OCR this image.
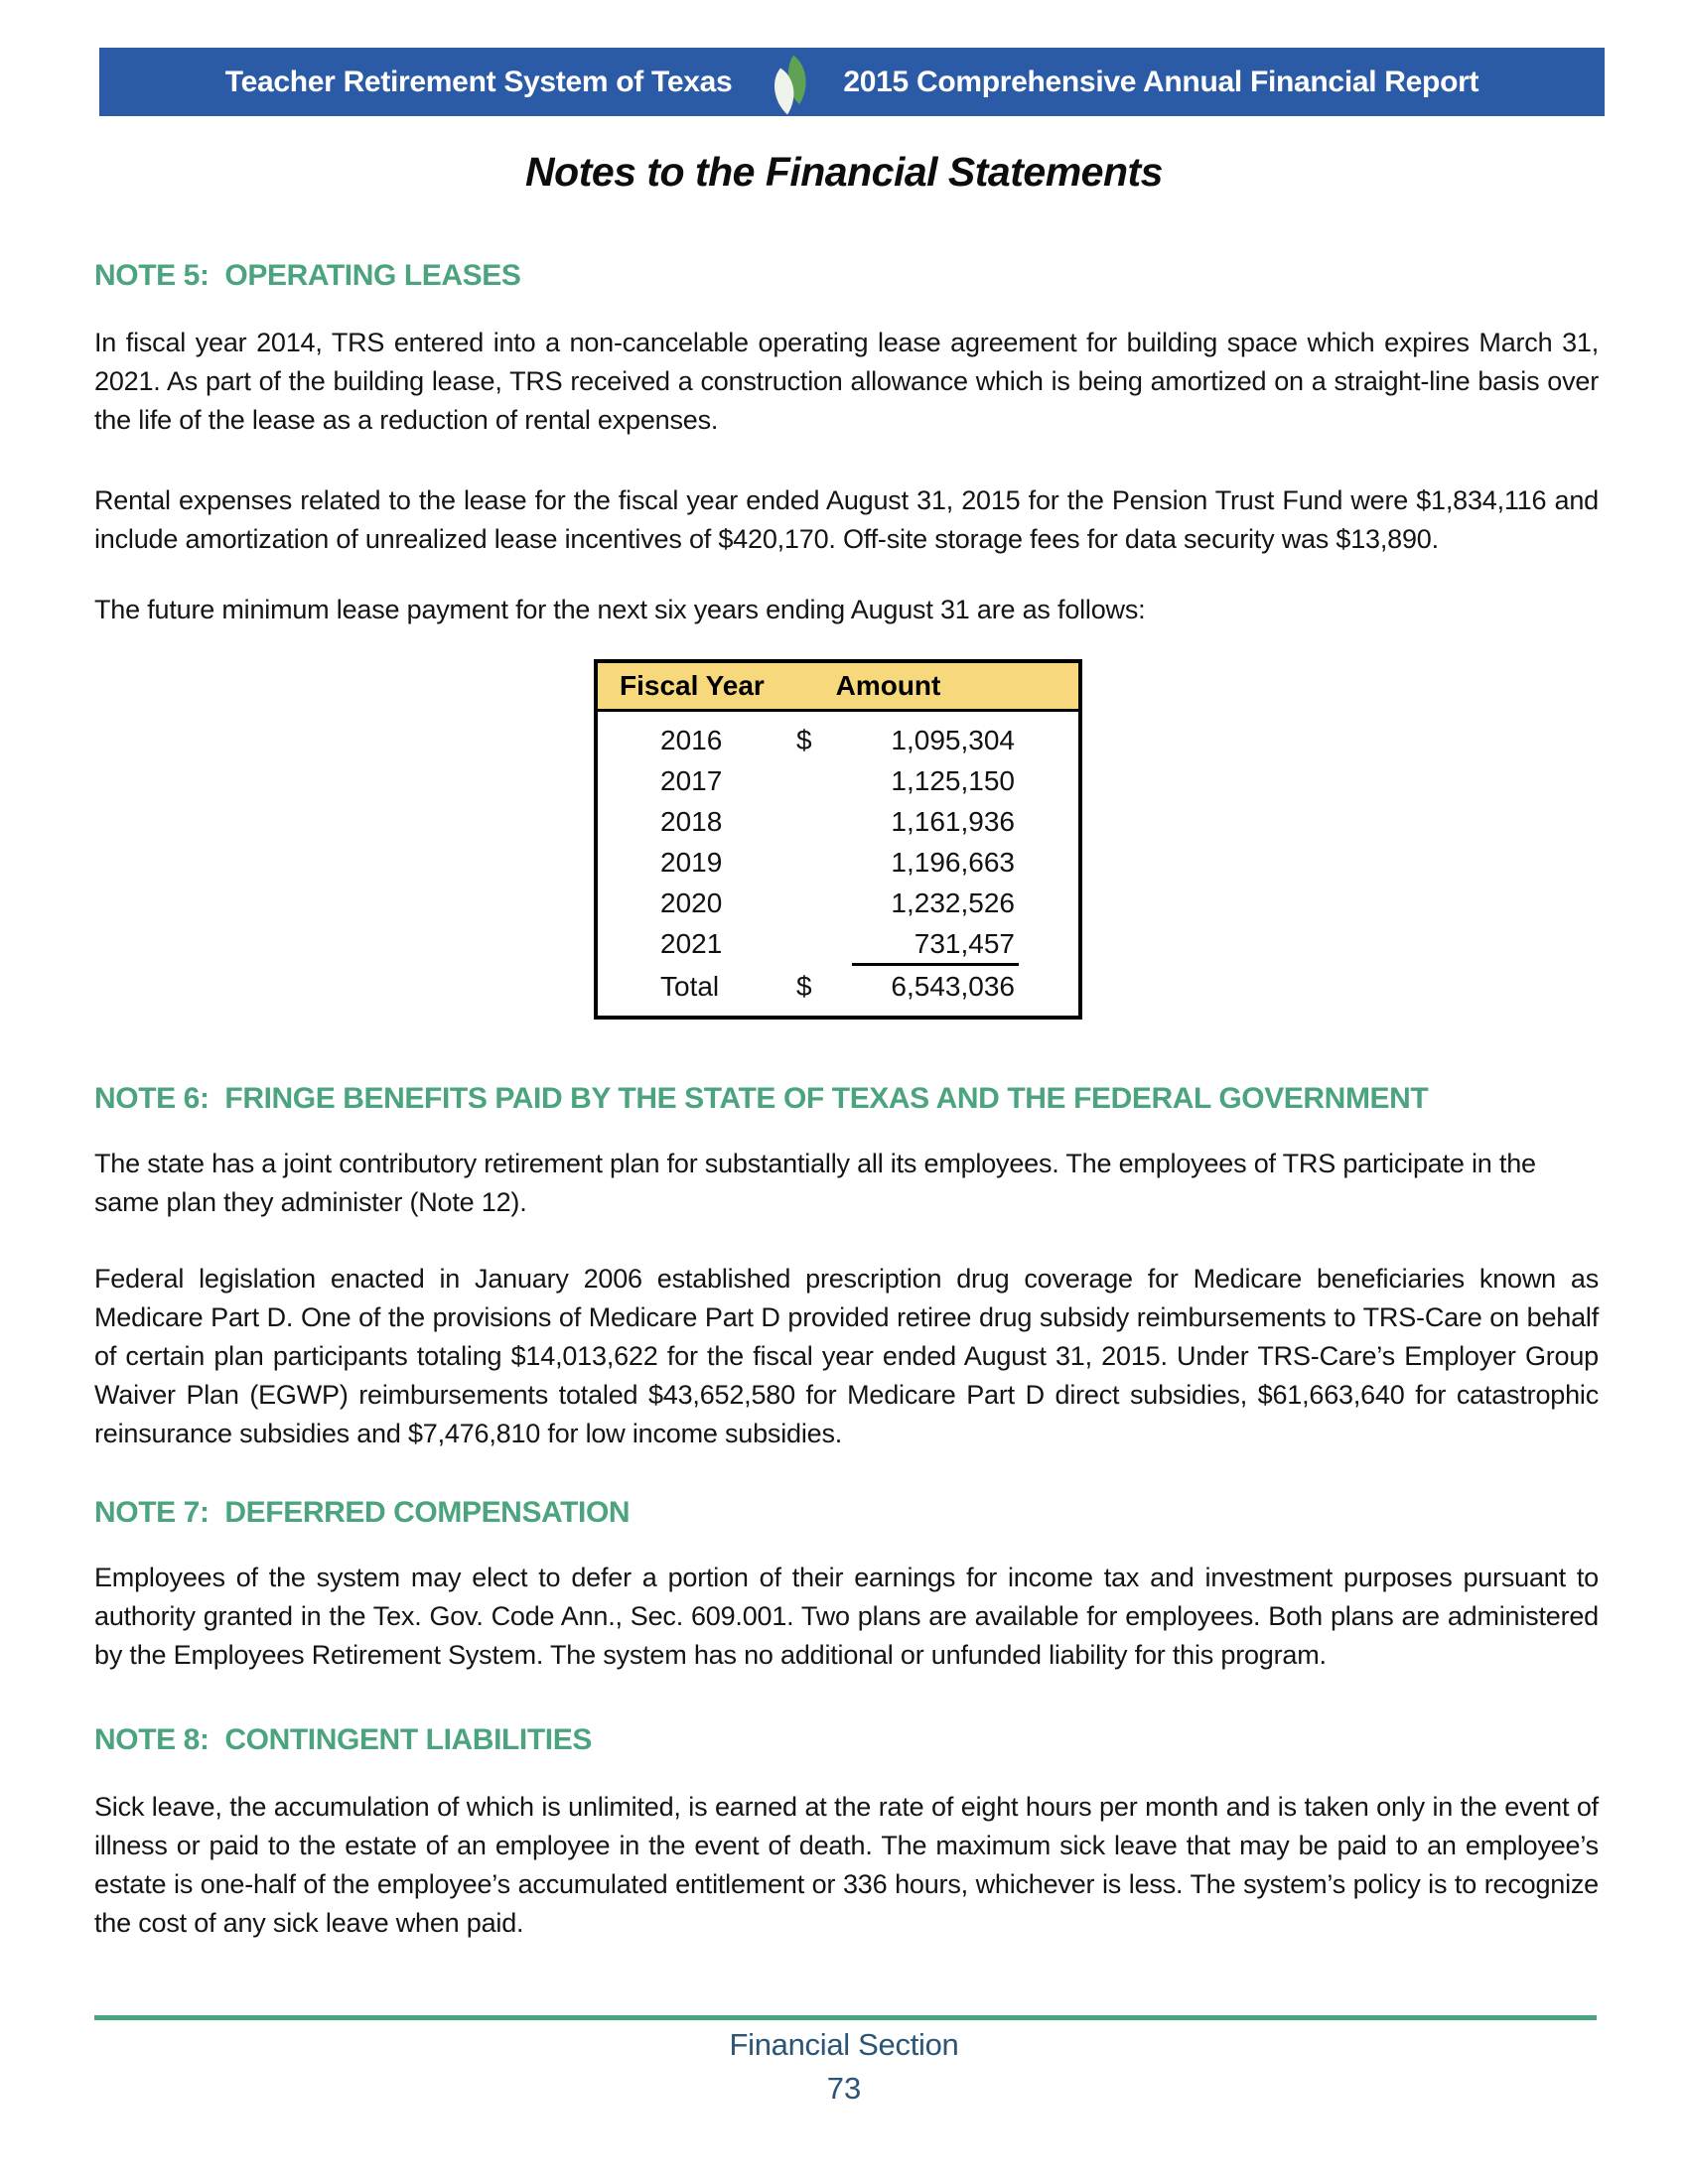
Teacher Retirement System of Texas	2015 Comprehensive Annual Financial Report
Notes to the Financial Statements
NOTE 5:  OPERATING LEASES

In fiscal year 2014, TRS entered into a non-cancelable operating lease agreement for building space which expires March 31, 2021. As part of the building lease, TRS received a construction allowance which is being amortized on a straight-line basis over the life of the lease as a reduction of rental expenses.

Rental expenses related to the lease for the fiscal year ended August 31, 2015 for the Pension Trust Fund were $1,834,116 and include amortization of unrealized lease incentives of $420,170. Off-site storage fees for data security was $13,890.

The future minimum lease payment for the next six years ending August 31 are as follows:

Fiscal Year	Amount
2016	$	1,095,304
2017	1,125,150
2018	1,161,936
2019	1,196,663
2020	1,232,526
2021	731,457
Total	$	6,543,036
NOTE 6:  FRINGE BENEFITS PAID BY THE STATE OF TEXAS AND THE FEDERAL GOVERNMENT

The state has a joint contributory retirement plan for substantially all its employees. The employees of TRS participate in the same plan they administer (Note 12).

Federal legislation enacted in January 2006 established prescription drug coverage for Medicare beneficiaries known as Medicare Part D. One of the provisions of Medicare Part D provided retiree drug subsidy reimbursements to TRS-Care on behalf of certain plan participants totaling $14,013,622 for the fiscal year ended August 31, 2015. Under TRS-Care’s Employer Group Waiver Plan (EGWP) reimbursements totaled $43,652,580 for Medicare Part D direct subsidies, $61,663,640 for catastrophic reinsurance subsidies and $7,476,810 for low income subsidies.

NOTE 7:  DEFERRED COMPENSATION

Employees of the system may elect to defer a portion of their earnings for income tax and investment purposes pursuant to authority granted in the Tex. Gov. Code Ann., Sec. 609.001. Two plans are available for employees. Both plans are administered by the Employees Retirement System. The system has no additional or unfunded liability for this program.

NOTE 8:  CONTINGENT LIABILITIES

Sick leave, the accumulation of which is unlimited, is earned at the rate of eight hours per month and is taken only in the event of illness or paid to the estate of an employee in the event of death. The maximum sick leave that may be paid to an employee’s estate is one-half of the employee’s accumulated entitlement or 336 hours, whichever is less. The system’s policy is to recognize the cost of any sick leave when paid.

Financial Section
73
